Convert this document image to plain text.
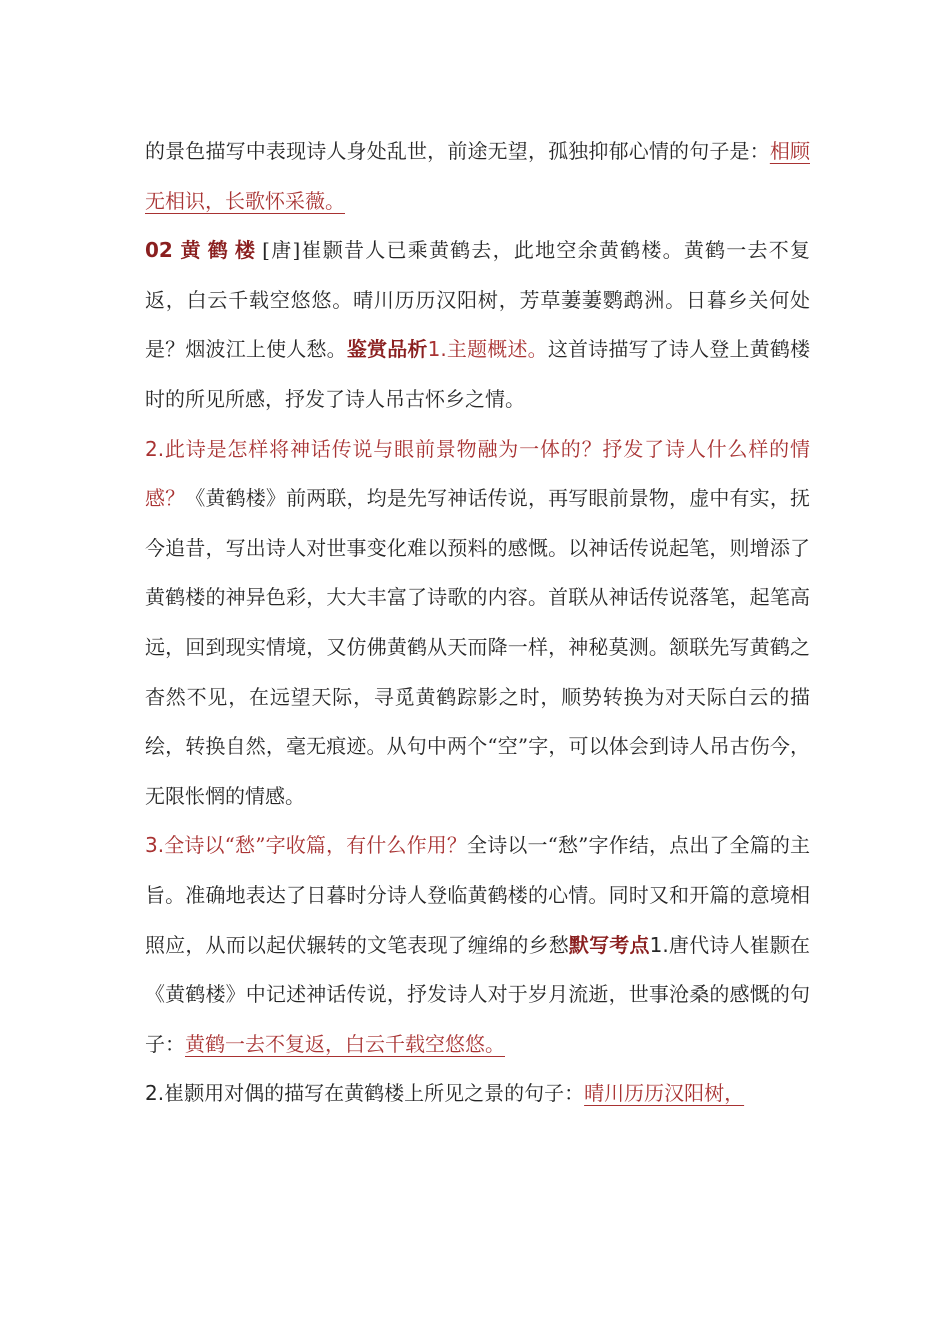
的景色描写中表现诗人身处乱世，前途无望，孤独抑郁心情的句子是：相顾无相识，长歌怀采薇。

02 黄鹤楼[唐]崔颢昔人已乘黄鹤去，此地空余黄鹤楼。黄鹤一去不复返，白云千载空悠悠。晴川历历汉阳树，芳草萋萋鹦鹉洲。日暮乡关何处是？烟波江上使人愁。鉴赏品析1.主题概述。这首诗描写了诗人登上黄鹤楼时的所见所感，抒发了诗人吊古怀乡之情。

2.此诗是怎样将神话传说与眼前景物融为一体的？抒发了诗人什么样的情感？《黄鹤楼》前两联，均是先写神话传说，再写眼前景物，虚中有实，抚今追昔，写出诗人对世事变化难以预料的感慨。以神话传说起笔，则增添了黄鹤楼的神异色彩，大大丰富了诗歌的内容。首联从神话传说落笔，起笔高远，回到现实情境，又仿佛黄鹤从天而降一样，神秘莫测。颔联先写黄鹤之杳然不见，在远望天际，寻觅黄鹤踪影之时，顺势转换为对天际白云的描绘，转换自然，毫无痕迹。从句中两个“空”字，可以体会到诗人吊古伤今，无限怅惘的情感。

3.全诗以“愁”字收篇，有什么作用？全诗以一“愁”字作结，点出了全篇的主旨。准确地表达了日暮时分诗人登临黄鹤楼的心情。同时又和开篇的意境相照应，从而以起伏辗转的文笔表现了缠绵的乡愁默写考点1.唐代诗人崔颢在《黄鹤楼》中记述神话传说，抒发诗人对于岁月流逝，世事沧桑的感慨的句子：黄鹤一去不复返，白云千载空悠悠。

2.崔颢用对偶的描写在黄鹤楼上所见之景的句子：晴川历历汉阳树，
